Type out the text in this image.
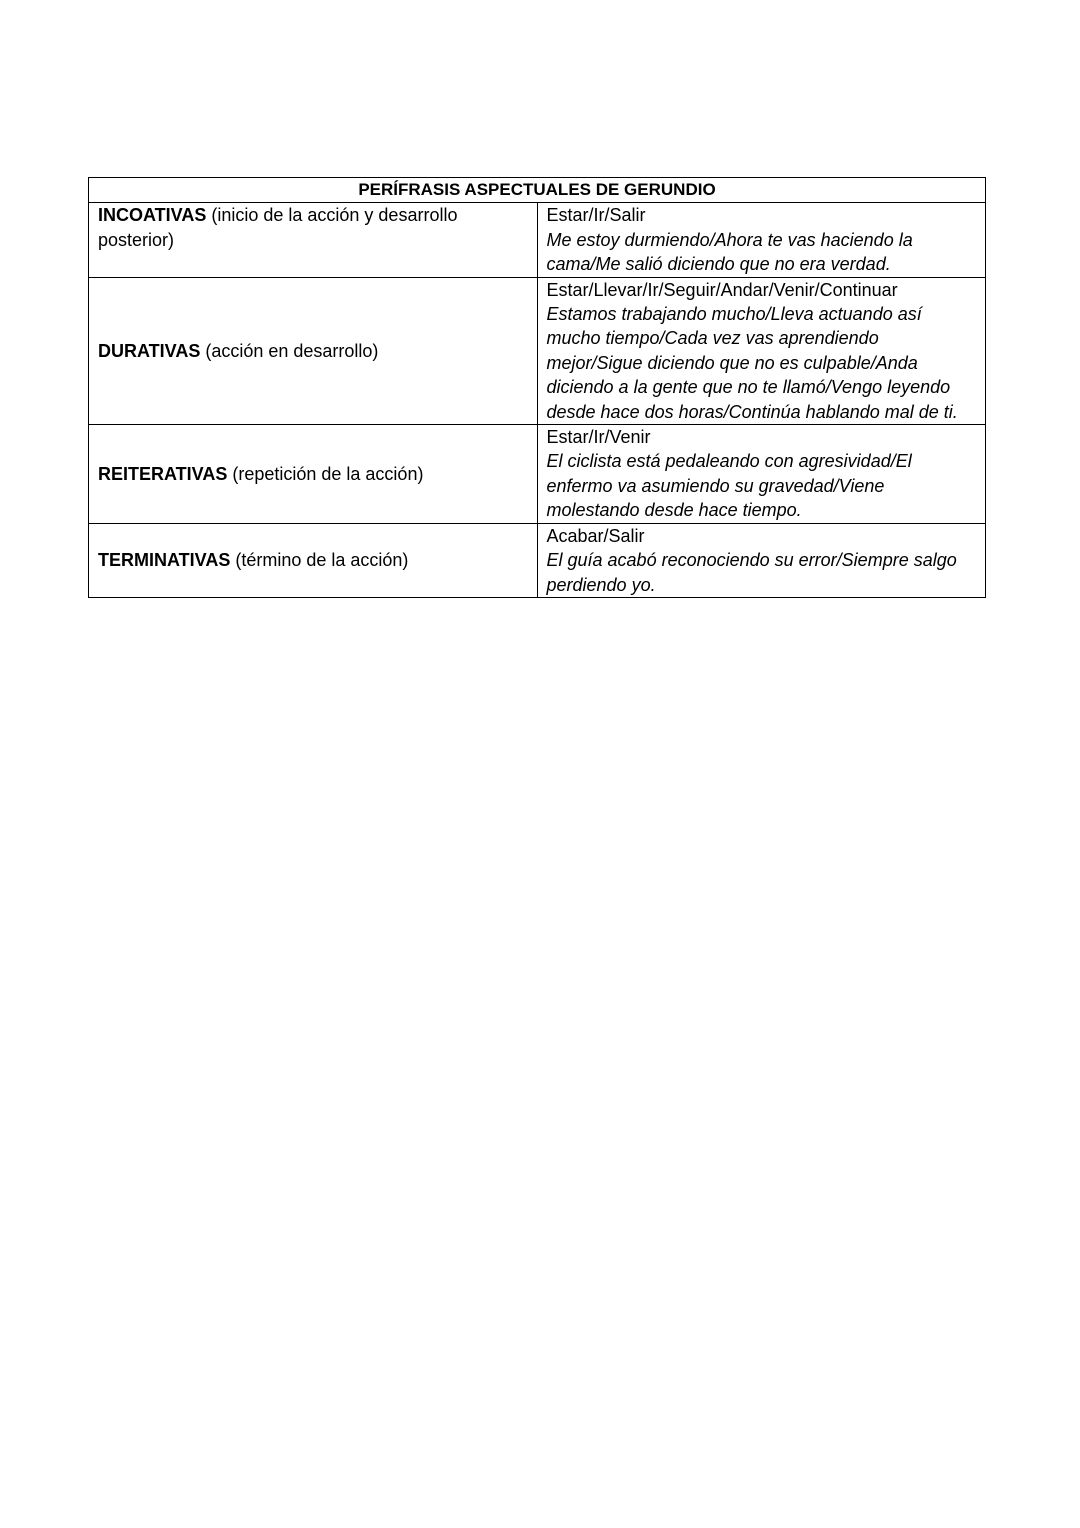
PERÍFRASIS ASPECTUALES DE GERUNDIO	
INCOATIVAS (inicio de la acción y desarrollo posterior)	Estar/Ir/Salir
Me estoy durmiendo/Ahora te vas haciendo la cama/Me salió diciendo que no era verdad.

DURATIVAS (acción en desarrollo)	Estar/Llevar/Ir/Seguir/Andar/Venir/Continuar
Estamos trabajando mucho/Lleva actuando así mucho tiempo/Cada vez vas aprendiendo mejor/Sigue diciendo que no es culpable/Anda diciendo a la gente que no te llamó/Vengo leyendo desde hace dos horas/Continúa hablando mal de ti.

REITERATIVAS (repetición de la acción)	Estar/Ir/Venir
El ciclista está pedaleando con agresividad/El enfermo va asumiendo su gravedad/Viene molestando desde hace tiempo.

TERMINATIVAS (término de la acción)	Acabar/Salir
El guía acabó reconociendo su error/Siempre salgo perdiendo yo.
